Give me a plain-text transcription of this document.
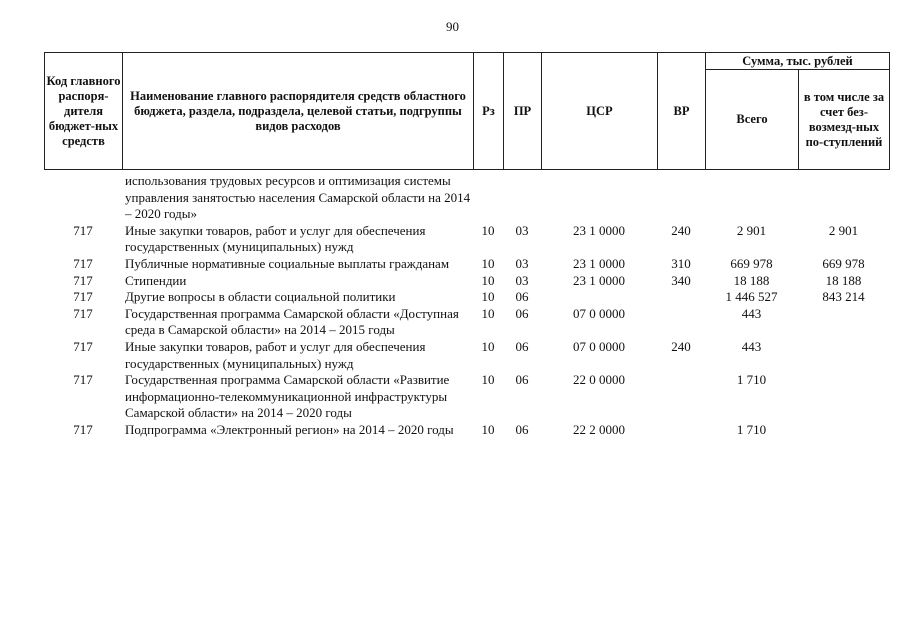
90
Код главного распоря-дителя бюджет-ных средств	Наименование главного распорядителя средств областного бюджета, раздела, подраздела, целевой статьи, подгруппы видов расходов	Рз	ПР	ЦСР	ВР	Сумма, тыс. рублей	
						Всего	в том числе за счет без-возмезд-ных по-ступлений
	использования трудовых ресурсов и оптимизация системы управления занятостью населения Самарской области на 2014 – 2020 годы»						
717	Иные закупки товаров, работ и услуг для обеспечения государственных (муниципальных) нужд	10	03	23 1 0000	240	2 901	2 901
717	Публичные нормативные социальные выплаты гражданам	10	03	23 1 0000	310	669 978	669 978
717	Стипендии	10	03	23 1 0000	340	18 188	18 188
717	Другие вопросы в области социальной политики	10	06			1 446 527	843 214
717	Государственная программа Самарской области «Доступная среда в Самарской области» на 2014 – 2015 годы	10	06	07 0 0000		443	
717	Иные закупки товаров, работ и услуг для обеспечения государственных (муниципальных) нужд	10	06	07 0 0000	240	443	
717	Государственная программа Самарской области «Развитие информационно-телекоммуникационной инфраструктуры Самарской области» на 2014 – 2020 годы	10	06	22 0 0000		1 710	
717	Подпрограмма «Электронный регион» на 2014 – 2020 годы	10	06	22 2 0000		1 710	
